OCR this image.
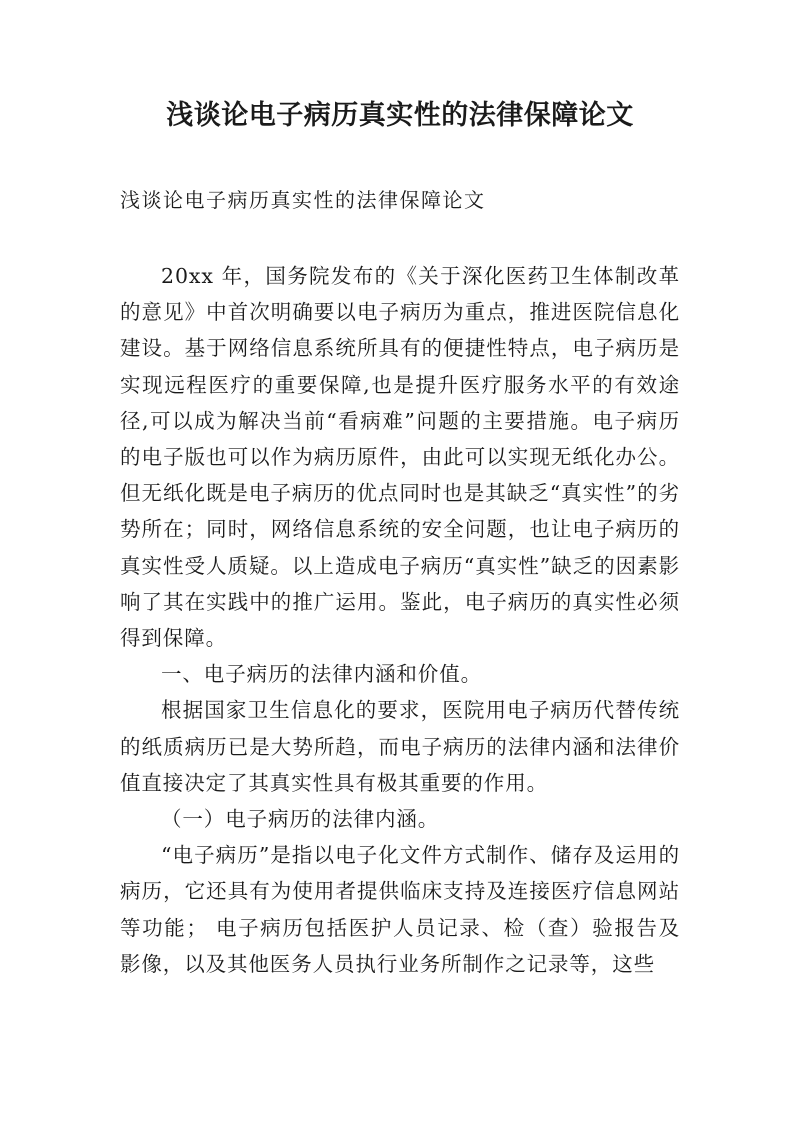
浅谈论电子病历真实性的法律保障论文

浅谈论电子病历真实性的法律保障论文

20xx 年，国务院发布的《关于深化医药卫生体制改革的意见》中首次明确要以电子病历为重点，推进医院信息化建设。基于网络信息系统所具有的便捷性特点，电子病历是实现远程医疗的重要保障,也是提升医疗服务水平的有效途径,可以成为解决当前“看病难”问题的主要措施。电子病历的电子版也可以作为病历原件，由此可以实现无纸化办公。但无纸化既是电子病历的优点同时也是其缺乏“真实性”的劣势所在；同时，网络信息系统的安全问题，也让电子病历的真实性受人质疑。以上造成电子病历“真实性”缺乏的因素影响了其在实践中的推广运用。鉴此，电子病历的真实性必须得到保障。

一、电子病历的法律内涵和价值。

根据国家卫生信息化的要求，医院用电子病历代替传统的纸质病历已是大势所趋，而电子病历的法律内涵和法律价值直接决定了其真实性具有极其重要的作用。

（一）电子病历的法律内涵。

“电子病历”是指以电子化文件方式制作、储存及运用的病历，它还具有为使用者提供临床支持及连接医疗信息网站等功能； 电子病历包括医护人员记录、检（查）验报告及影像，以及其他医务人员执行业务所制作之记录等，这些
